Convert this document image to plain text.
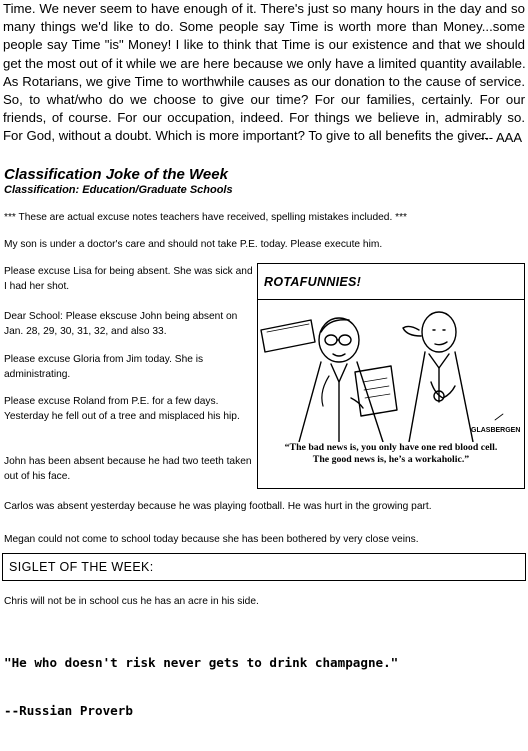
Time. We never seem to have enough of it. There's just so many hours in the day and so
many things we'd like to do. Some people say Time is worth more than Money...some
people say Time "is" Money! I like to think that Time is our existence and that we should
get the most out of it while we are here because we only have a limited quantity available.
As Rotarians, we give Time to worthwhile causes as our donation to the cause of service.
So, to what/who do we choose to give our time? For our families, certainly. For our
friends, of course. For our occupation, indeed. For things we believe in, admirably so.
For God, without a doubt. Which is more important? To give to all benefits the giver.
--- AAA
Classification Joke of the Week
Classification: Education/Graduate Schools
*** These are actual excuse notes teachers have received, spelling mistakes included. ***
My son is under a doctor's care and should not take P.E. today. Please execute him.
Please excuse Lisa for being absent. She was sick and I had her shot.
Dear School: Please ekscuse John being absent on Jan. 28, 29, 30, 31, 32, and also 33.
Please excuse Gloria from Jim today. She is administrating.
Please excuse Roland from P.E. for a few days. Yesterday he fell out of a tree and misplaced his hip.
John has been absent because he had two teeth taken out of his face.
ROTAFUNNIES!
GLASBERGEN
“The bad news is, you only have one red blood cell.
The good news is, he’s a workaholic.”
Carlos was absent yesterday because he was playing football. He was hurt in the growing part.
Megan could not come to school today because she has been bothered by very close veins.
SIGLET OF THE WEEK:
Chris will not be in school cus he has an acre in his side.

"He who doesn't risk never gets to drink champagne."

--Russian Proverb
